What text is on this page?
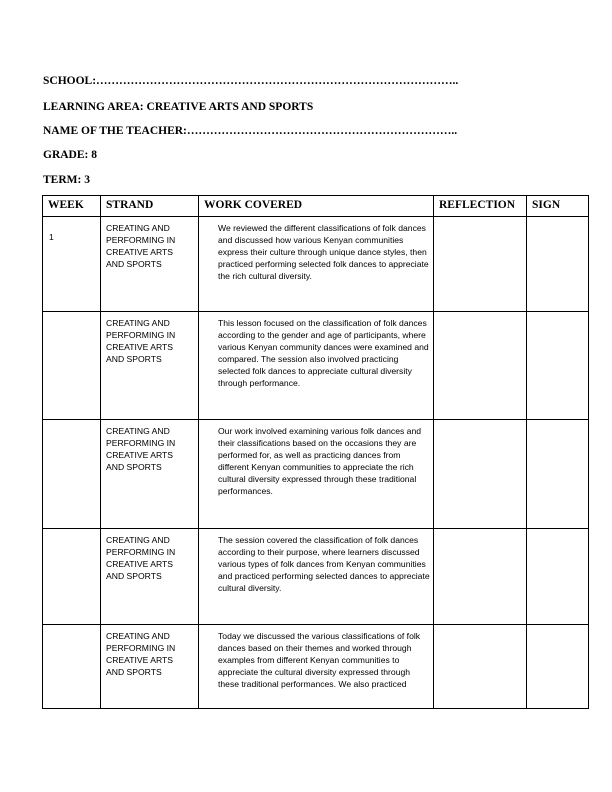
SCHOOL:…………………………………………………………………………………..
LEARNING AREA: CREATIVE ARTS AND SPORTS
NAME OF THE TEACHER:……………………………………………………………..
GRADE: 8
TERM: 3
WEEK	STRAND	WORK COVERED	REFLECTION	SIGN
1	CREATING AND PERFORMING IN CREATIVE ARTS AND SPORTS	We reviewed the different classifications of folk dances and discussed how various Kenyan communities express their culture through unique dance styles, then practiced performing selected folk dances to appreciate the rich cultural diversity.		
	CREATING AND PERFORMING IN CREATIVE ARTS AND SPORTS	This lesson focused on the classification of folk dances according to the gender and age of participants, where various Kenyan community dances were examined and compared. The session also involved practicing selected folk dances to appreciate cultural diversity through performance.		
	CREATING AND PERFORMING IN CREATIVE ARTS AND SPORTS	Our work involved examining various folk dances and their classifications based on the occasions they are performed for, as well as practicing dances from different Kenyan communities to appreciate the rich cultural diversity expressed through these traditional performances.		
	CREATING AND PERFORMING IN CREATIVE ARTS AND SPORTS	The session covered the classification of folk dances according to their purpose, where learners discussed various types of folk dances from Kenyan communities and practiced performing selected dances to appreciate cultural diversity.		
	CREATING AND PERFORMING IN CREATIVE ARTS AND SPORTS	Today we discussed the various classifications of folk dances based on their themes and worked through examples from different Kenyan communities to appreciate the cultural diversity expressed through these traditional performances. We also practiced		
